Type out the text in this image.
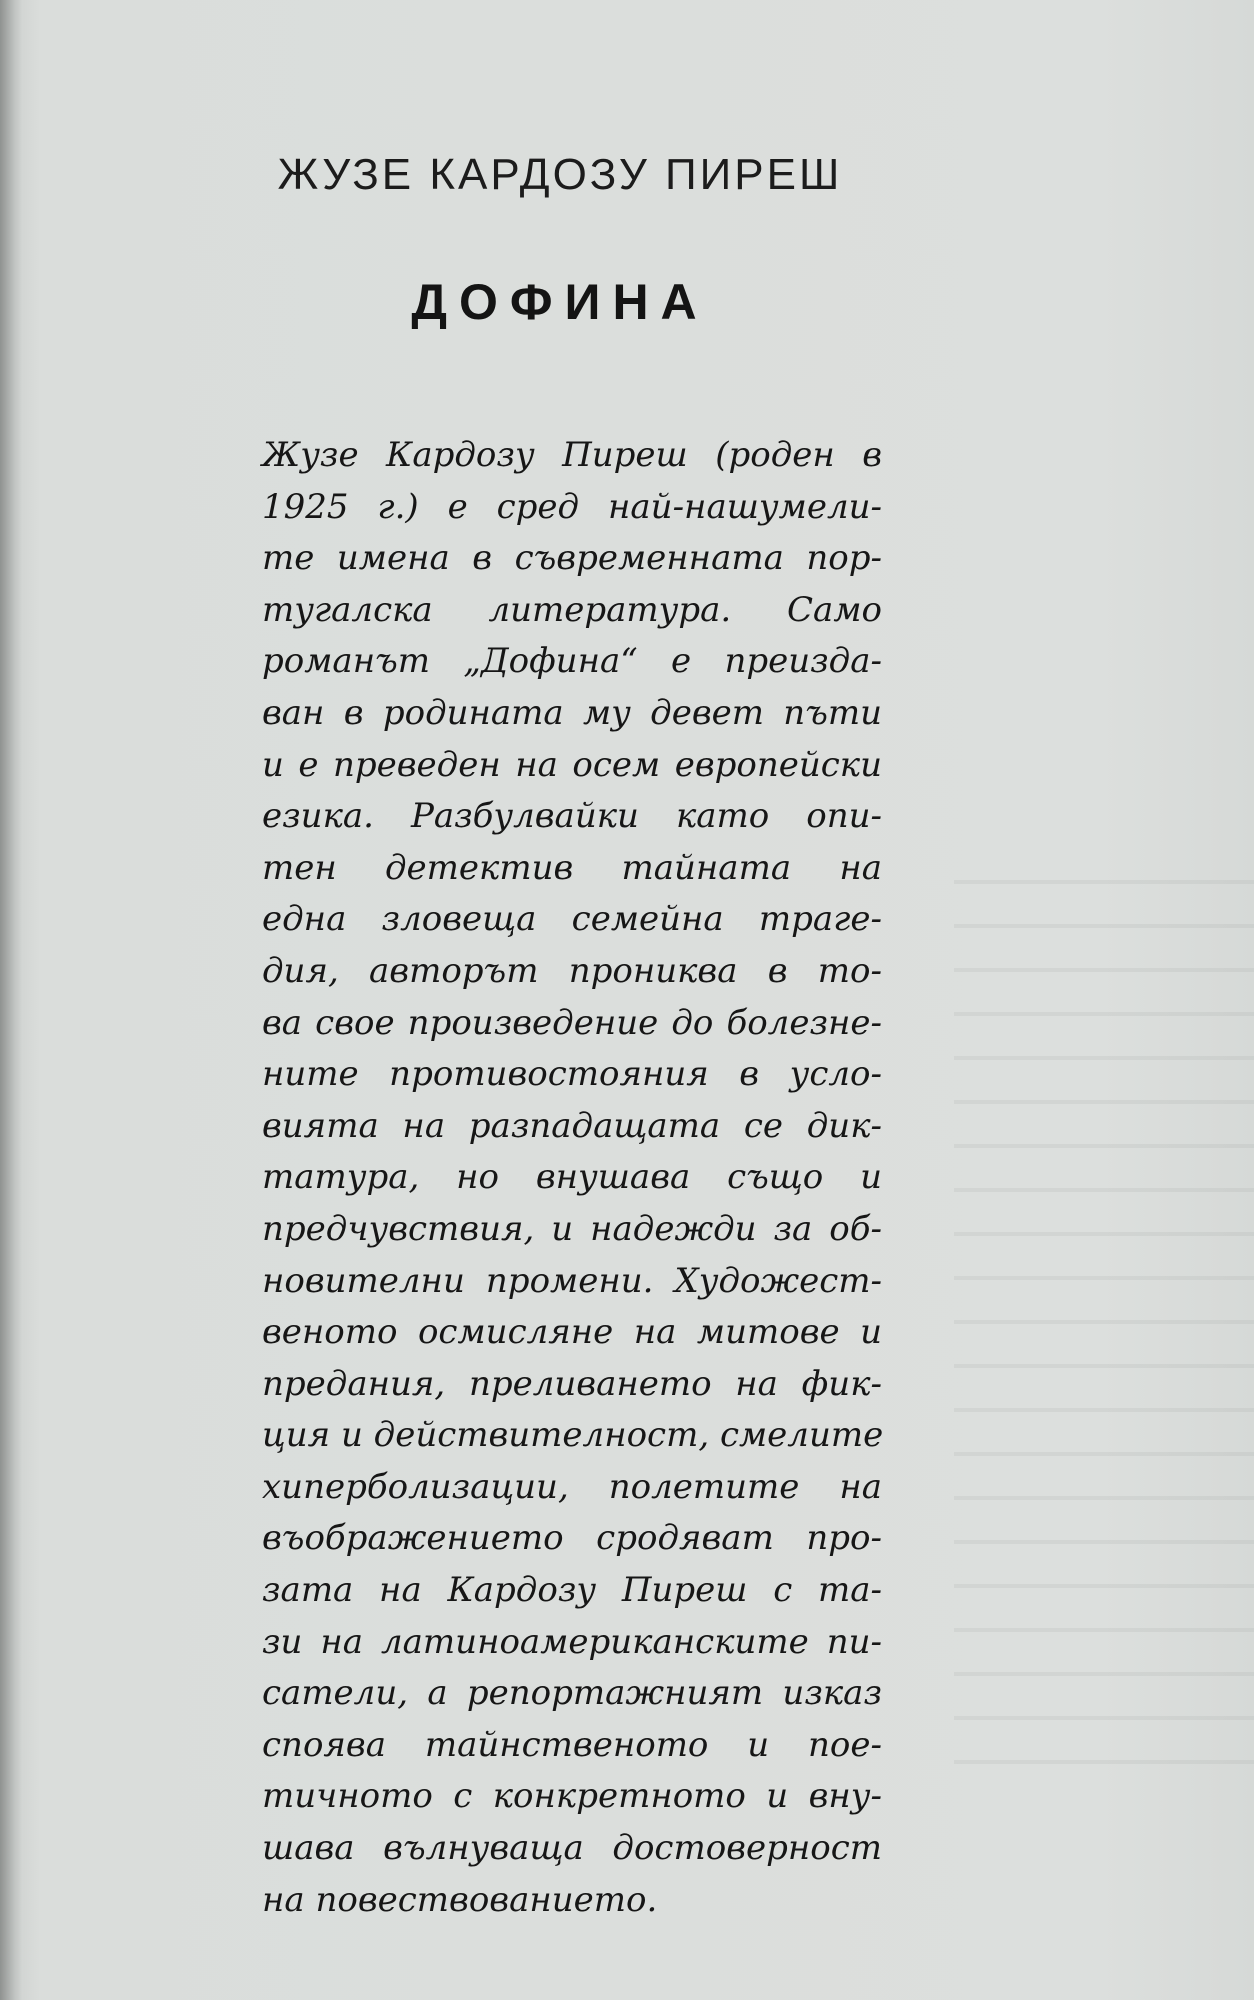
ЖУЗЕ КАРДОЗУ ПИРЕШ
ДОФИНА
Жузе Кардозу Пиреш (роден в
1925 г.) е сред най-нашумели-
те имена в съвременната пор-
тугалска литература. Само
романът „Дофина“ е преизда-
ван в родината му девет пъти
и е преведен на осем европейски
езика. Разбулвайки като опи-
тен детектив тайната на
една зловеща семейна траге-
дия, авторът прониква в то-
ва свое произведение до болезне-
ните противостояния в усло-
вията на разпадащата се дик-
татура, но внушава също и
предчувствия, и надежди за об-
новителни промени. Художест-
веното осмисляне на митове и
предания, преливането на фик-
ция и действителност, смелите
хиперболизации, полетите на
въображението сродяват про-
зата на Кардозу Пиреш с та-
зи на латиноамериканските пи-
сатели, а репортажният изказ
споява тайнственото и пое-
тичното с конкретното и вну-
шава вълнуваща достоверност
на повествованието.
